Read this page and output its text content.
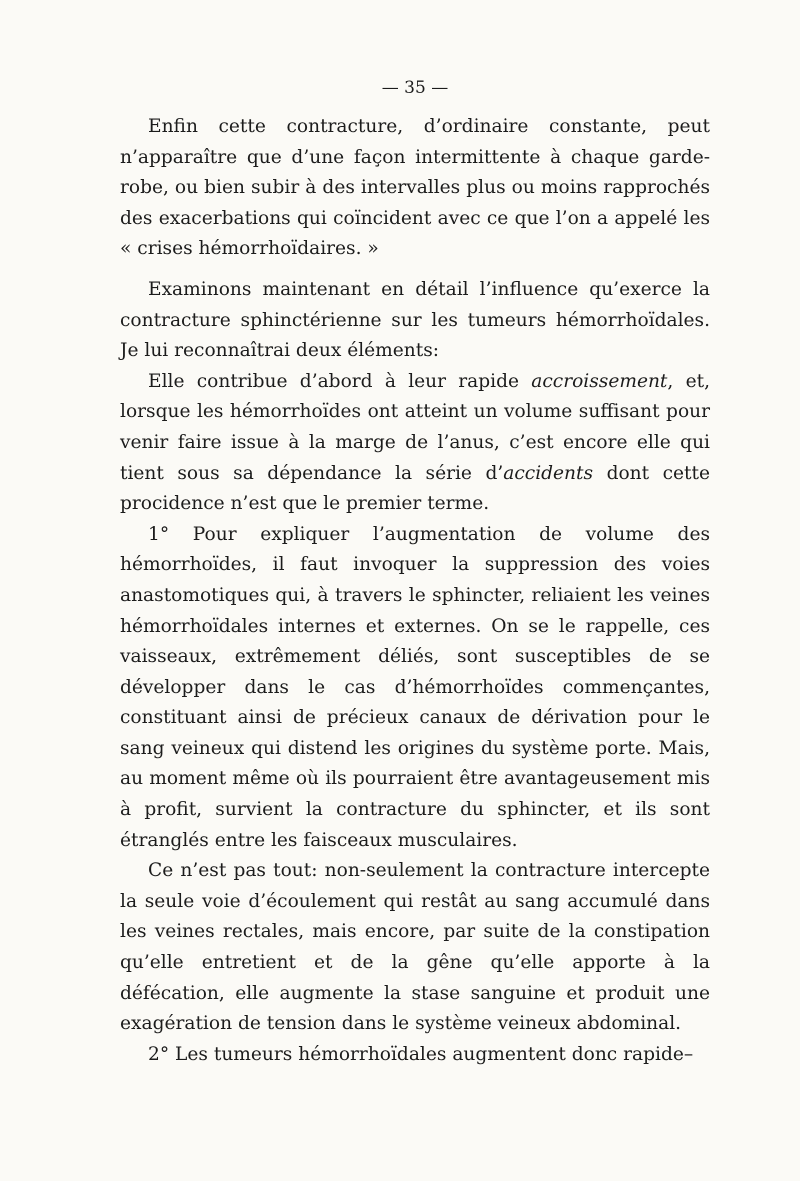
— 35 —

Enfin cette contracture, d’ordinaire constante, peut n’apparaître que d’une façon intermittente à chaque garde-robe, ou bien subir à des intervalles plus ou moins rapprochés des exacerbations qui coïncident avec ce que l’on a appelé les « crises hémorrhoïdaires. »

Examinons maintenant en détail l’influence qu’exerce la contracture sphinctérienne sur les tumeurs hémorrhoïdales. Je lui reconnaîtrai deux éléments:

Elle contribue d’abord à leur rapide accroissement, et, lorsque les hémorrhoïdes ont atteint un volume suffisant pour venir faire issue à la marge de l’anus, c’est encore elle qui tient sous sa dépendance la série d’accidents dont cette procidence n’est que le premier terme.

1° Pour expliquer l’augmentation de volume des hémorrhoïdes, il faut invoquer la suppression des voies anastomotiques qui, à travers le sphincter, reliaient les veines hémorrhoïdales internes et externes. On se le rappelle, ces vaisseaux, extrêmement déliés, sont susceptibles de se développer dans le cas d’hémorrhoïdes commençantes, constituant ainsi de précieux canaux de dérivation pour le sang veineux qui distend les origines du système porte. Mais, au moment même où ils pourraient être avantageusement mis à profit, survient la contracture du sphincter, et ils sont étranglés entre les faisceaux musculaires.

Ce n’est pas tout: non-seulement la contracture intercepte la seule voie d’écoulement qui restât au sang accumulé dans les veines rectales, mais encore, par suite de la constipation qu’elle entretient et de la gêne qu’elle apporte à la défécation, elle augmente la stase sanguine et produit une exagération de tension dans le système veineux abdominal.

2° Les tumeurs hémorrhoïdales augmentent donc rapide–
